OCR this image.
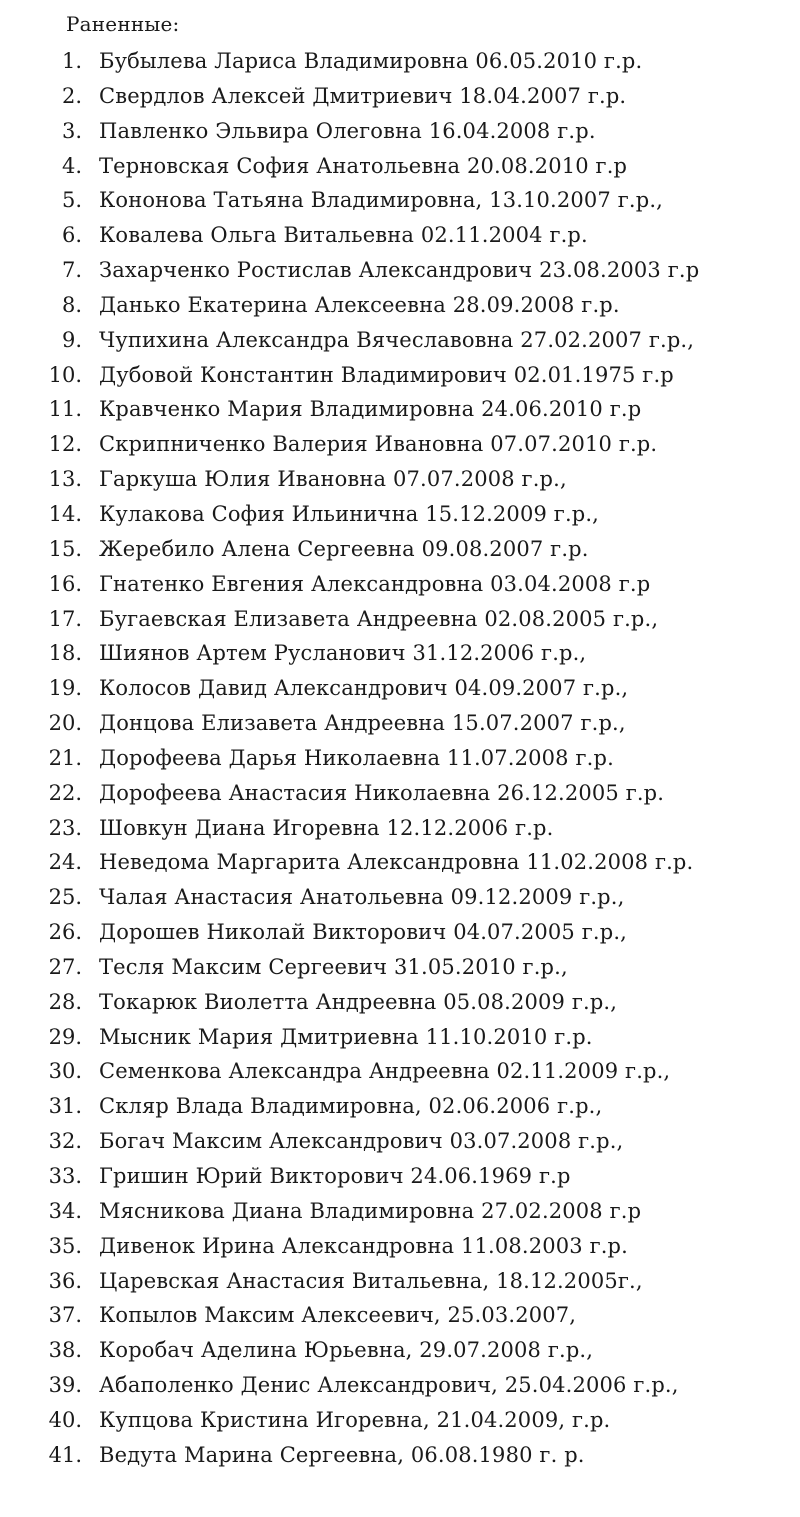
Раненные:
1. Бубылева Лариса Владимировна 06.05.2010 г.р.
2. Свердлов Алексей Дмитриевич 18.04.2007 г.р.
3. Павленко Эльвира Олеговна 16.04.2008 г.р.
4. Терновская София Анатольевна 20.08.2010 г.р
5. Кононова Татьяна Владимировна, 13.10.2007 г.р.,
6. Ковалева Ольга Витальевна 02.11.2004 г.р.
7. Захарченко Ростислав Александрович 23.08.2003 г.р
8. Данько Екатерина Алексеевна 28.09.2008 г.р.
9. Чупихина Александра Вячеславовна 27.02.2007 г.р.,
10. Дубовой Константин Владимирович 02.01.1975 г.р
11. Кравченко Мария Владимировна 24.06.2010 г.р
12. Скрипниченко Валерия Ивановна 07.07.2010 г.р.
13. Гаркуша Юлия Ивановна 07.07.2008 г.р.,
14. Кулакова София Ильинична 15.12.2009 г.р.,
15. Жеребило Алена Сергеевна 09.08.2007 г.р.
16. Гнатенко Евгения Александровна 03.04.2008 г.р
17. Бугаевская Елизавета Андреевна 02.08.2005 г.р.,
18. Шиянов Артем Русланович 31.12.2006 г.р.,
19. Колосов Давид Александрович 04.09.2007 г.р.,
20. Донцова Елизавета Андреевна 15.07.2007 г.р.,
21. Дорофеева Дарья Николаевна 11.07.2008 г.р.
22. Дорофеева Анастасия Николаевна 26.12.2005 г.р.
23. Шовкун Диана Игоревна 12.12.2006 г.р.
24. Неведома Маргарита Александровна 11.02.2008 г.р.
25. Чалая Анастасия Анатольевна 09.12.2009 г.р.,
26. Дорошев Николай Викторович 04.07.2005 г.р.,
27. Тесля Максим Сергеевич 31.05.2010 г.р.,
28. Токарюк Виолетта Андреевна 05.08.2009 г.р.,
29. Мысник Мария Дмитриевна 11.10.2010 г.р.
30. Семенкова Александра Андреевна 02.11.2009 г.р.,
31. Скляр Влада Владимировна, 02.06.2006 г.р.,
32. Богач Максим Александрович 03.07.2008 г.р.,
33. Гришин Юрий Викторович 24.06.1969 г.р
34. Мясникова Диана Владимировна 27.02.2008 г.р
35. Дивенок Ирина Александровна 11.08.2003 г.р.
36. Царевская Анастасия Витальевна, 18.12.2005г.,
37. Копылов Максим Алексеевич, 25.03.2007,
38. Коробач Аделина Юрьевна, 29.07.2008 г.р.,
39. Абаполенко Денис Александрович, 25.04.2006 г.р.,
40. Купцова Кристина Игоревна, 21.04.2009, г.р.
41. Ведута Марина Сергеевна, 06.08.1980 г. р.
